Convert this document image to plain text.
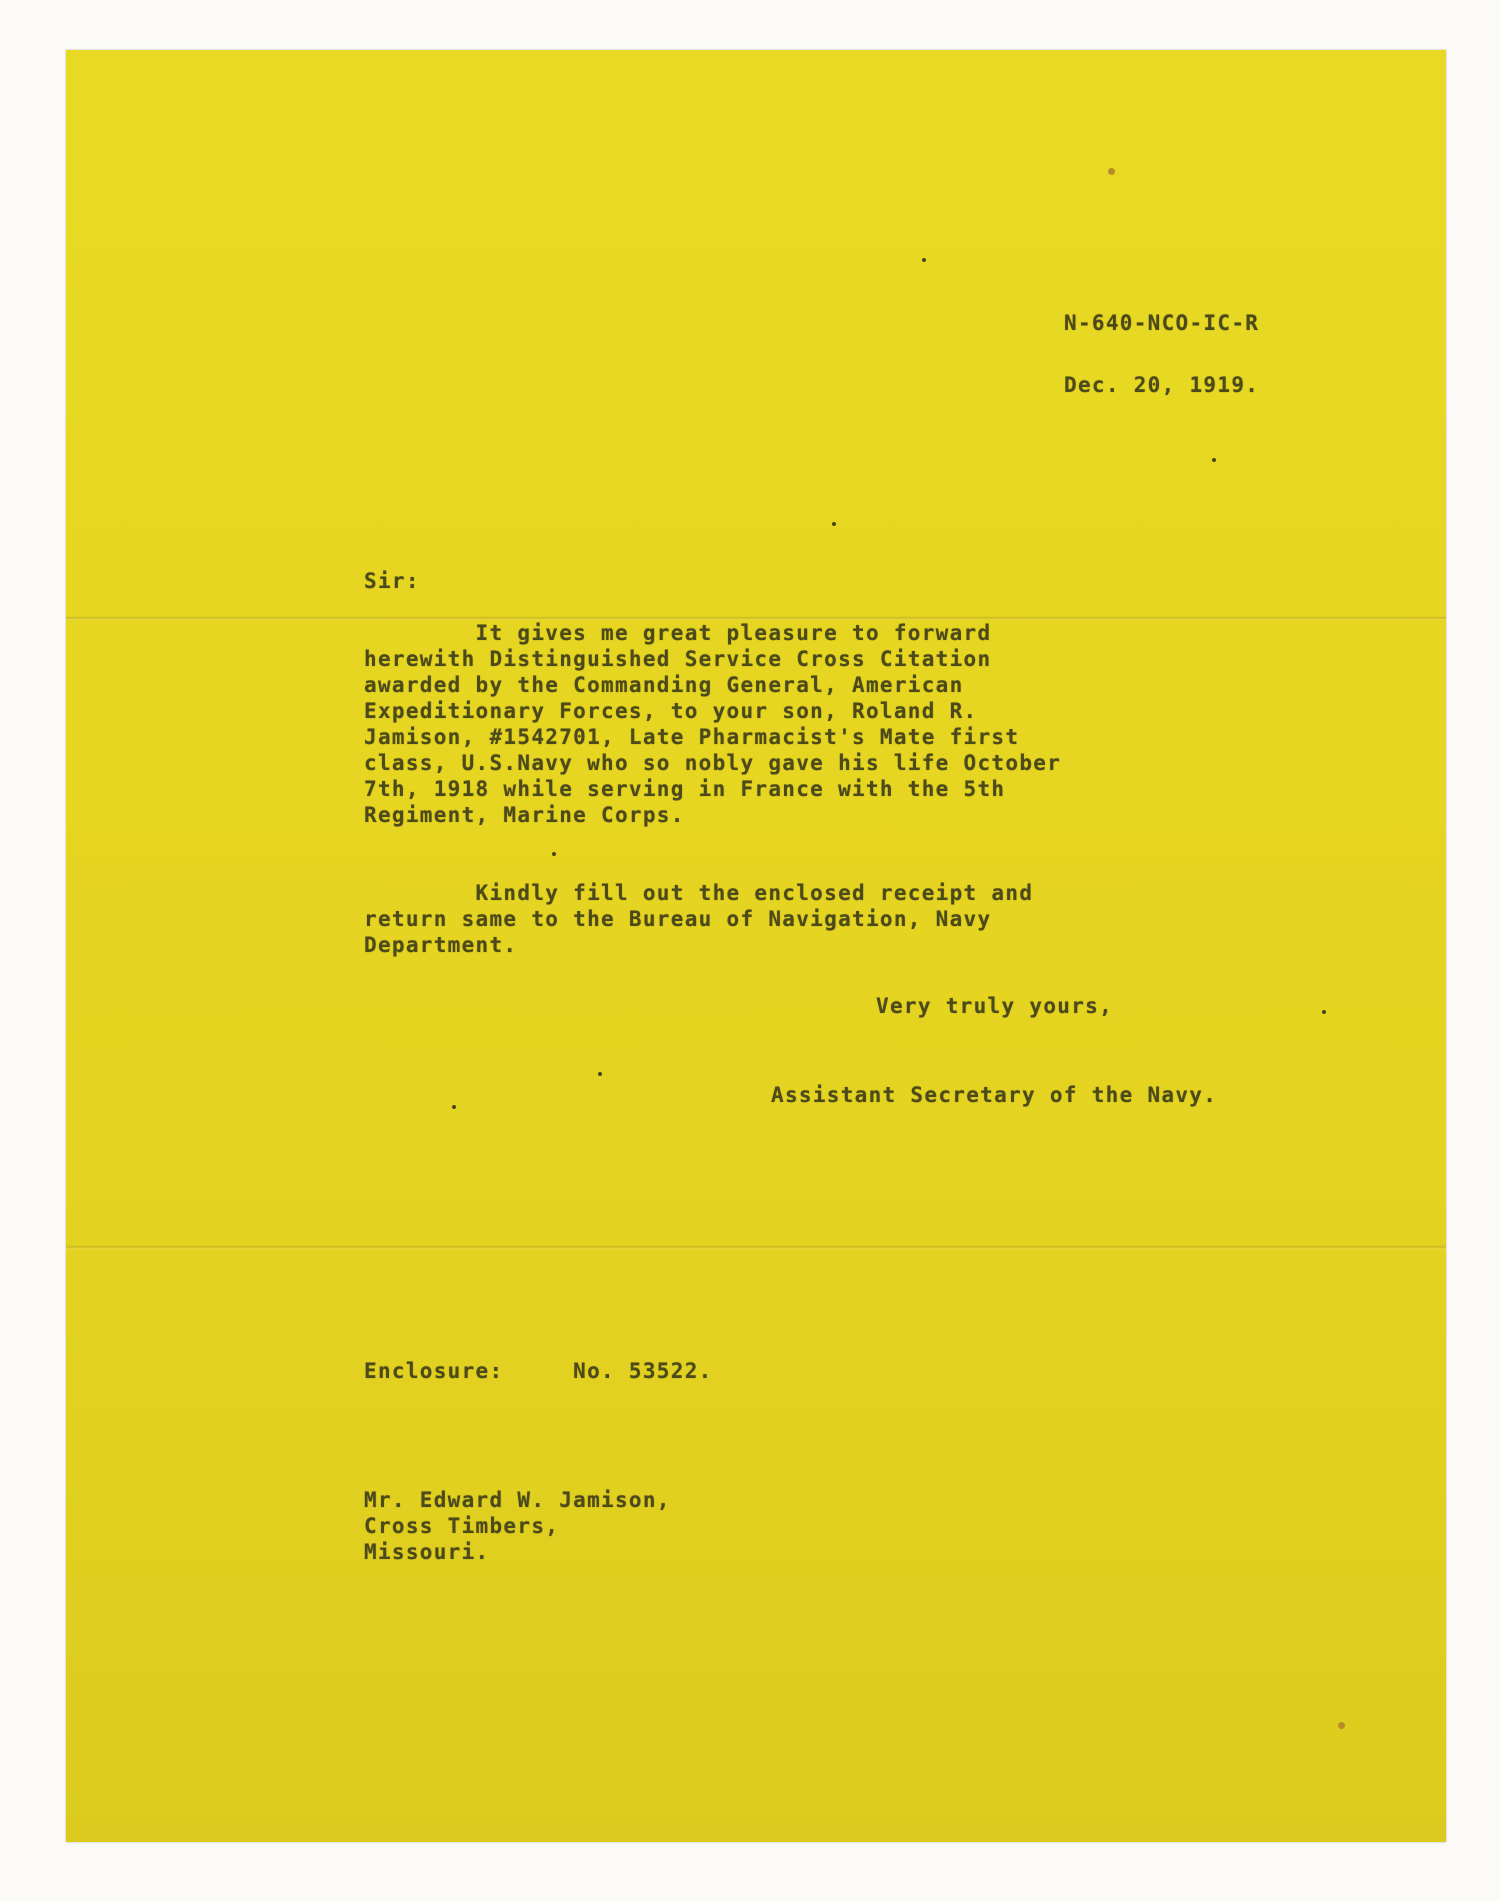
N-640-NCO-IC-R

Dec. 20, 1919.

Sir:

It gives me great pleasure to forward

herewith Distinguished Service Cross Citation

awarded by the Commanding General, American

Expeditionary Forces, to your son, Roland R.

Jamison, #1542701, Late Pharmacist's Mate first

class, U.S.Navy who so nobly gave his life October

7th, 1918 while serving in France with the 5th

Regiment, Marine Corps.

Kindly fill out the enclosed receipt and

return same to the Bureau of Navigation, Navy

Department.

Very truly yours,

Assistant Secretary of the Navy.

Enclosure:     No. 53522.

Mr. Edward W. Jamison,

Cross Timbers,

Missouri.
